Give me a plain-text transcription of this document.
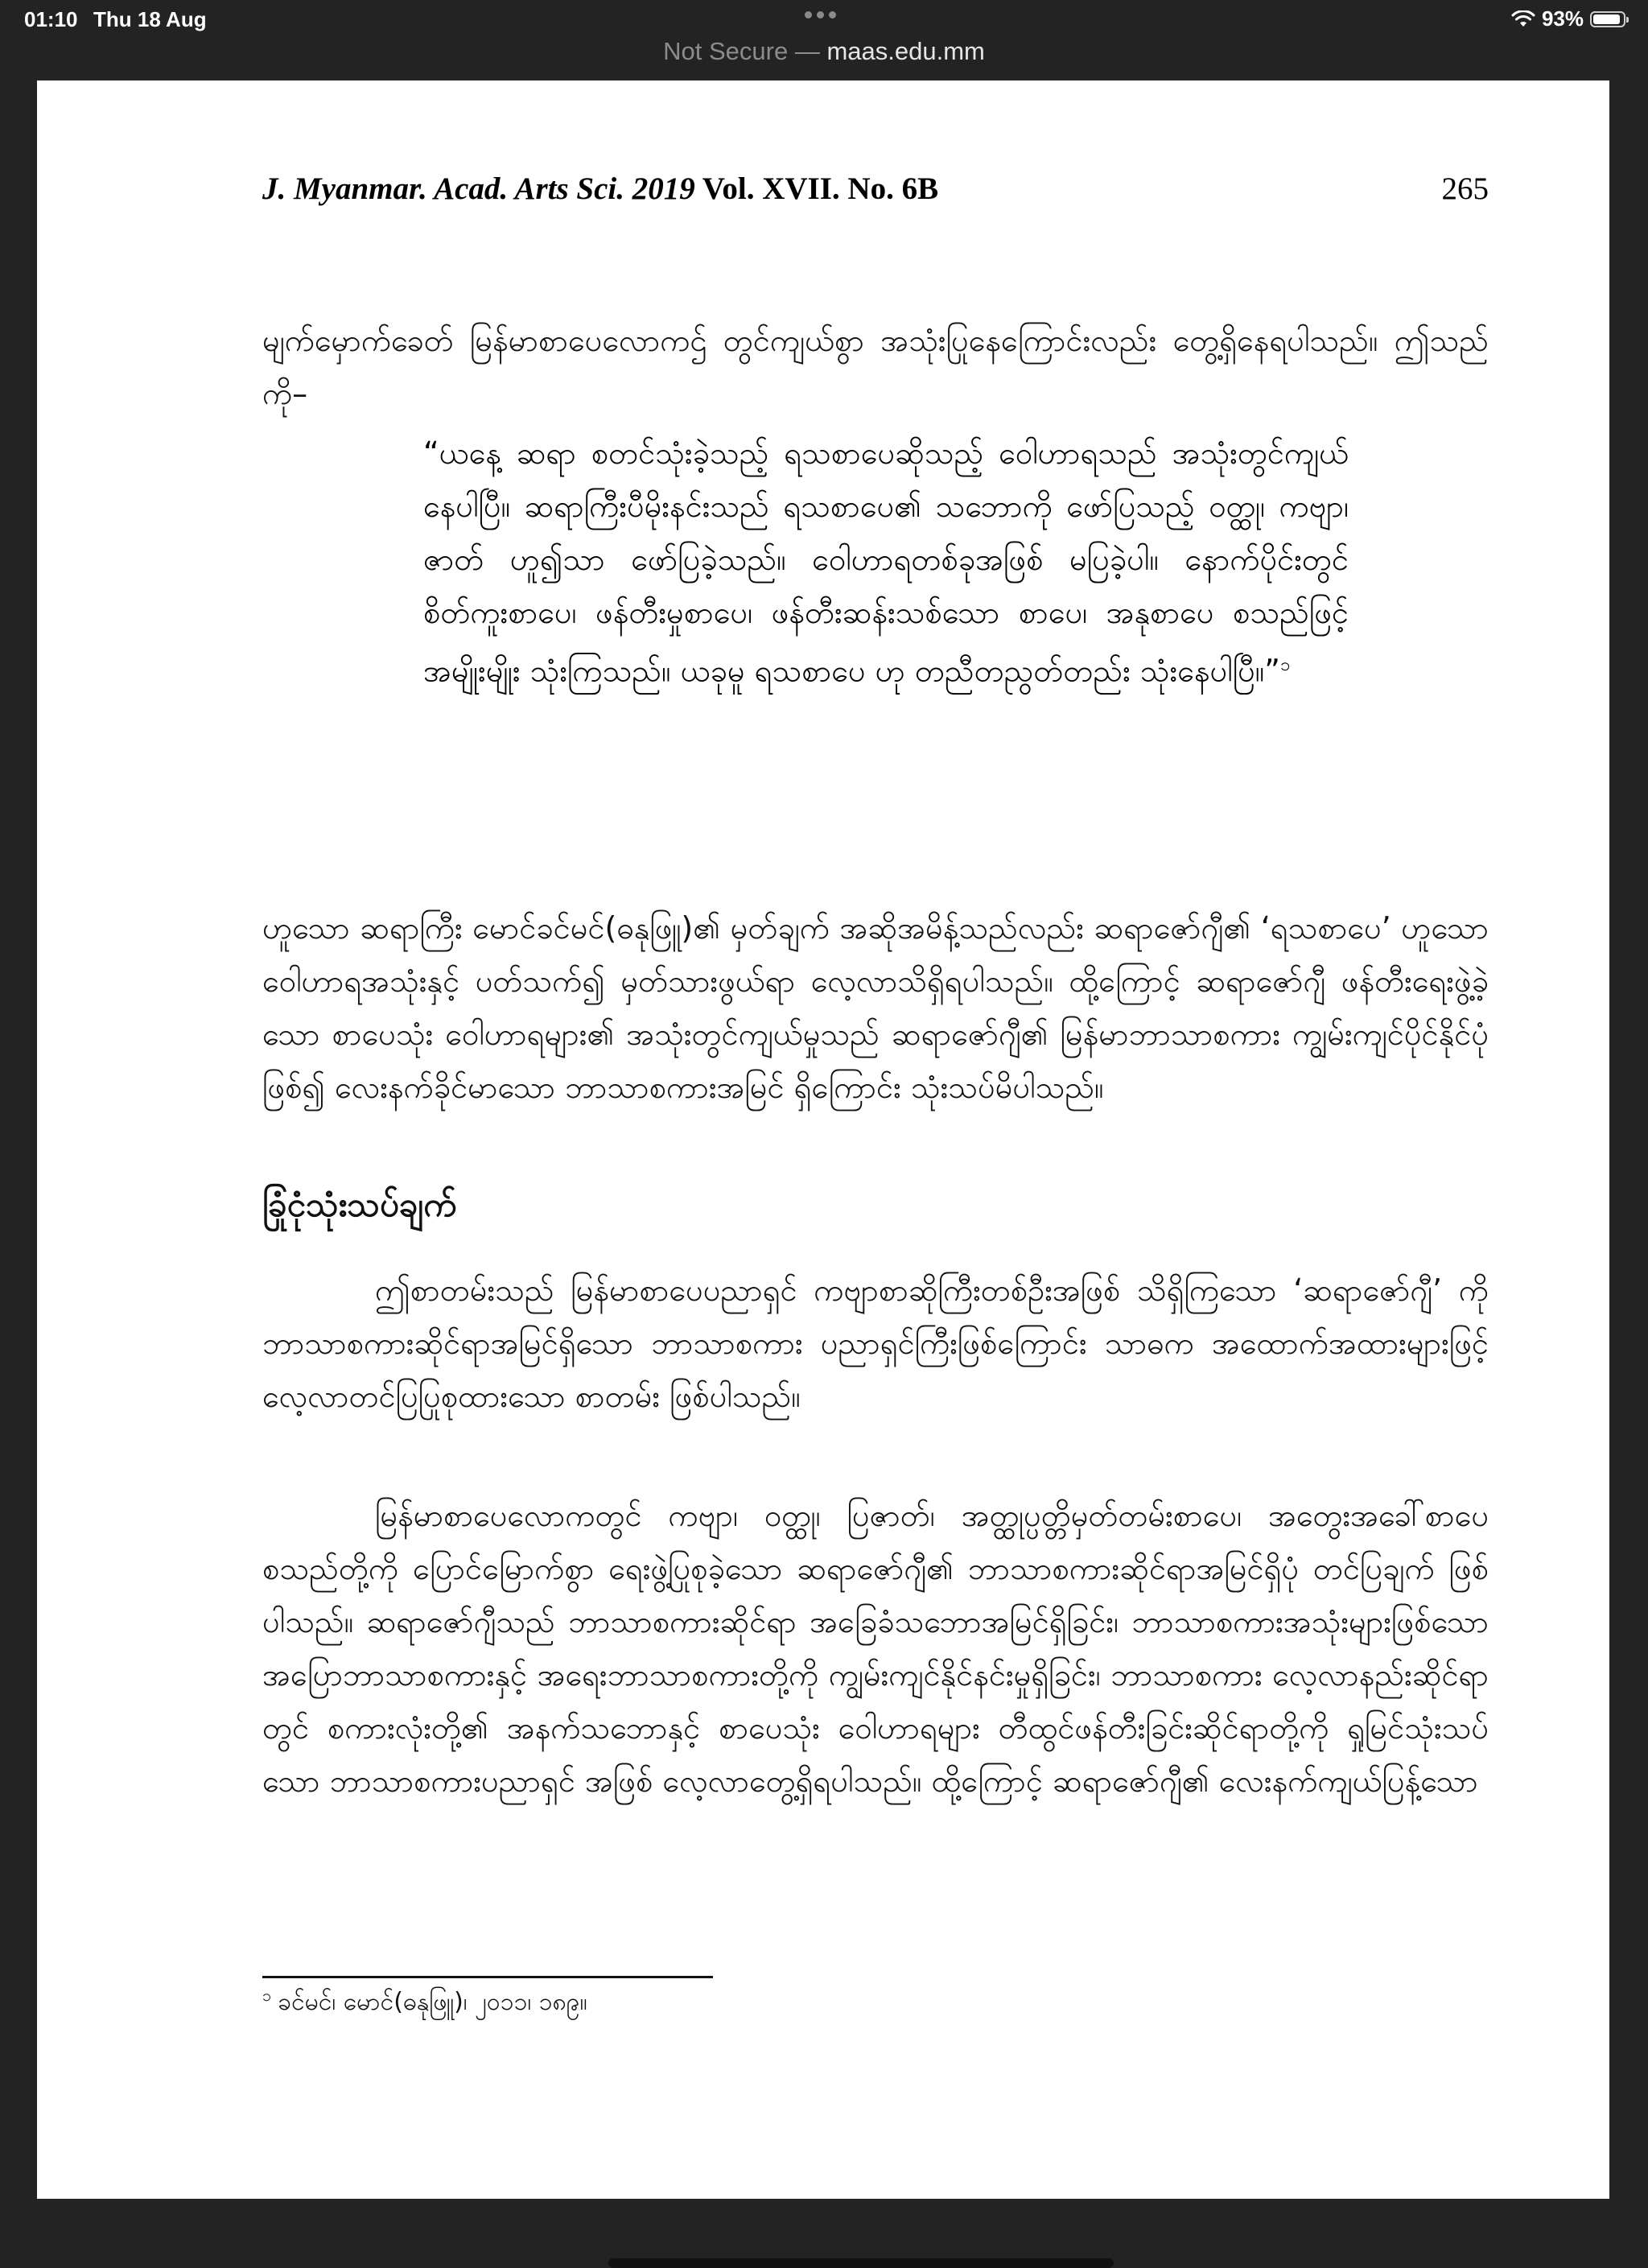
01:10 Thu 18 Aug	93%
Not Secure — maas.edu.mm
J. Myanmar. Acad. Arts Sci. 2019 Vol. XVII. No. 6B	265

မျက်မှောက်ခေတ် မြန်မာစာပေလောကဌ် တွင်ကျယ်စွာ အသုံးပြုနေကြောင်းလည်း တွေ့ရှိနေရပါသည်။ ဤသည်ကို–

“ယနေ့ ဆရာ စတင်သုံးခဲ့သည့် ရသစာပေဆိုသည့် ဝေါဟာရသည် အသုံးတွင်ကျယ်နေပါပြီ။ ဆရာကြီးပီမိုးနင်းသည် ရသစာပေ၏ သဘောကို ဖော်ပြသည့် ဝတ္ထု၊ ကဗျာ၊ ဇာတ် ဟူ၍သာ ဖော်ပြခဲ့သည်။ ဝေါဟာရတစ်ခုအဖြစ် မပြခဲ့ပါ။ နောက်ပိုင်းတွင် စိတ်ကူးစာပေ၊ ဖန်တီးမှုစာပေ၊ ဖန်တီးဆန်းသစ်သော စာပေ၊ အနုစာပေ စသည်ဖြင့် အမျိုးမျိုး သုံးကြသည်။ ယခုမူ ရသစာပေ ဟု တညီတညွတ်တည်း သုံးနေပါပြီ။”$^၁$

ဟူသော ဆရာကြီး မောင်ခင်မင်(ဓနုဖြူ)၏ မှတ်ချက် အဆိုအမိန့်သည်လည်း ဆရာဇော်ဂျီ၏ ‘ရသစာပေ’ ဟူသော ဝေါဟာရအသုံးနှင့် ပတ်သက်၍ မှတ်သားဖွယ်ရာ လေ့လာသိရှိရပါသည်။ ထို့ကြောင့် ဆရာဇော်ဂျီ ဖန်တီးရေးဖွဲ့ခဲ့သော စာပေသုံး ဝေါဟာရများ၏ အသုံးတွင်ကျယ်မှုသည် ဆရာဇော်ဂျီ၏ မြန်မာဘာသာစကား ကျွမ်းကျင်ပိုင်နိုင်ပုံဖြစ်၍ လေးနက်ခိုင်မာသော ဘာသာစကားအမြင် ရှိကြောင်း သုံးသပ်မိပါသည်။

ခြုံငုံသုံးသပ်ချက်

ဤစာတမ်းသည် မြန်မာစာပေပညာရှင် ကဗျာစာဆိုကြီးတစ်ဦးအဖြစ် သိရှိကြသော ‘ဆရာဇော်ဂျီ’ ကို ဘာသာစကားဆိုင်ရာအမြင်ရှိသော ဘာသာစကား ပညာရှင်ကြီးဖြစ်ကြောင်း သာဓက အထောက်အထားများဖြင့် လေ့လာတင်ပြပြုစုထားသော စာတမ်း ဖြစ်ပါသည်။

မြန်မာစာပေလောကတွင် ကဗျာ၊ ဝတ္ထု၊ ပြဇာတ်၊ အတ္ထုပ္ပတ္တိမှတ်တမ်းစာပေ၊ အတွေးအခေါ်စာပေ စသည်တို့ကို ပြောင်မြောက်စွာ ရေးဖွဲ့ပြုစုခဲ့သော ဆရာဇော်ဂျီ၏ ဘာသာစကားဆိုင်ရာအမြင်ရှိပုံ တင်ပြချက် ဖြစ်ပါသည်။ ဆရာဇော်ဂျီသည် ဘာသာစကားဆိုင်ရာ အခြေခံသဘောအမြင်ရှိခြင်း၊ ဘာသာစကားအသုံးများဖြစ်သော အပြောဘာသာစကားနှင့် အရေးဘာသာစကားတို့ကို ကျွမ်းကျင်နိုင်နင်းမှုရှိခြင်း၊ ဘာသာစကား လေ့လာနည်းဆိုင်ရာတွင် စကားလုံးတို့၏ အနက်သဘောနှင့် စာပေသုံး ဝေါဟာရများ တီထွင်ဖန်တီးခြင်းဆိုင်ရာတို့ကို ရှုမြင်သုံးသပ်သော ဘာသာစကားပညာရှင် အဖြစ် လေ့လာတွေ့ရှိရပါသည်။ ထို့ကြောင့် ဆရာဇော်ဂျီ၏ လေးနက်ကျယ်ပြန့်သော

$^၁$ ခင်မင်၊ မောင်(ဓနုဖြူ)၊ ၂၀၁၁၊ ၁၈၉။
